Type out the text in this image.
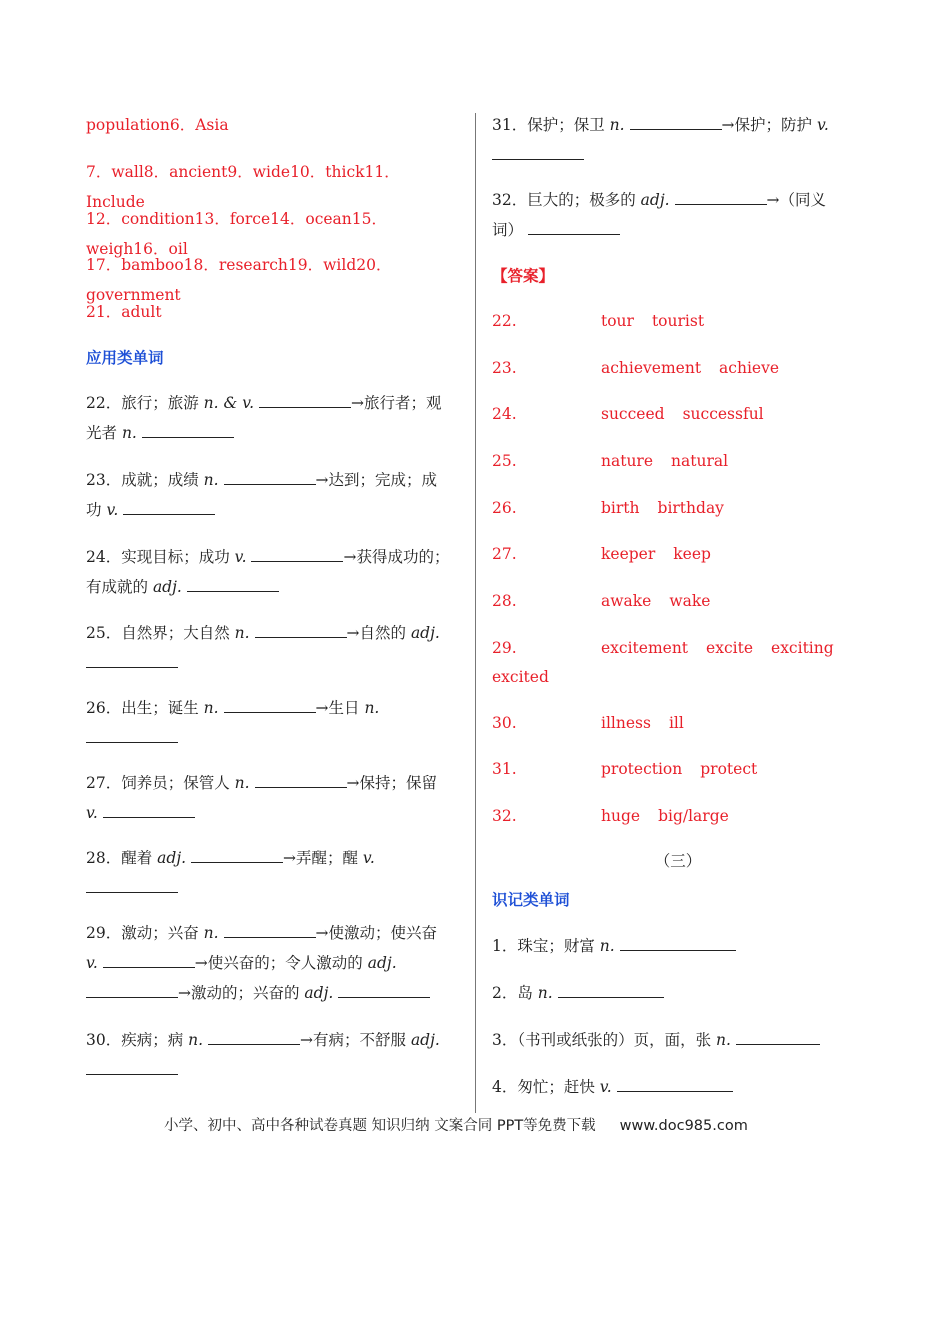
population6．Asia
7．wall8．ancient9．wide10．thick11．Include
12．condition13．force14．ocean15．weigh16．oil
17．bamboo18．research19．wild20．government
21．adult
应用类单词
22．旅行；旅游 n. & v.	→旅行者；观
光者 n.
23．成就；成绩 n.	→达到；完成；成
功 v.
24．实现目标；成功 v.	→获得成功的；
有成就的 adj.
25．自然界；大自然 n.	→自然的 adj.

26．出生；诞生 n.	→生日 n.

27．饲养员；保管人 n.	→保持；保留
v.
28．醒着 adj.	→弄醒；醒 v.

29．激动；兴奋 n.	→使激动；使兴奋
v.	→使兴奋的；令人激动的 adj.
→激动的；兴奋的 adj.
30．疾病；病 n.	→有病；不舒服 adj.

31．保护；保卫 n.	→保护；防护 v.

32．巨大的；极多的 adj.	→（同义
词）
【答案】
22.	tour tourist
23.	achievement achieve
24.	succeed successful
25.	nature natural
26.	birth birthday
27.	keeper keep
28.	awake wake
29.	excitement excite exciting
excited
30.	illness ill
31.	protection protect
32.	huge big/large
（三）
识记类单词
1．珠宝；财富 n.
2．岛 n.
3．（书刊或纸张的）页，面，张 n.
4．匆忙；赶快 v.
小学、初中、高中各种试卷真题 知识归纳 文案合同 PPT等免费下载 www.doc985.com
